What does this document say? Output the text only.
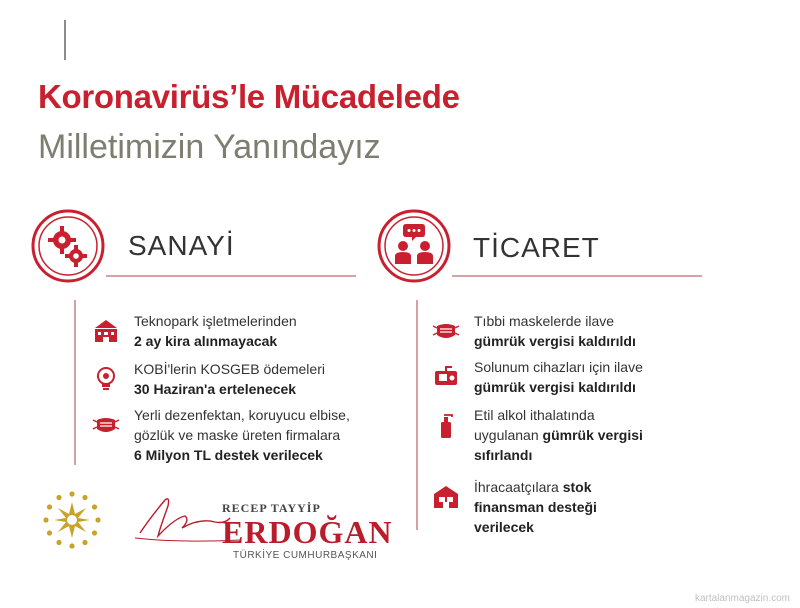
Koronavirüs’le Mücadelede
Milletimizin Yanındayız
SANAYİ
Teknopark işletmelerinden
2 ay kira alınmayacak
KOBİ'lerin KOSGEB ödemeleri
30 Haziran'a ertelenecek
Yerli dezenfektan, koruyucu elbise,
gözlük ve maske üreten firmalara
6 Milyon TL destek verilecek
TİCARET
Tıbbi maskelerde ilave
gümrük vergisi kaldırıldı
Solunum cihazları için ilave
gümrük vergisi kaldırıldı
Etil alkol ithalatında
uygulanan gümrük vergisi
sıfırlandı
İhracaatçılara stok
finansman desteği
verilecek
RECEP TAYYİP
ERDOĞAN
TÜRKİYE CUMHURBAŞKANI
kartalanmagazin.com
